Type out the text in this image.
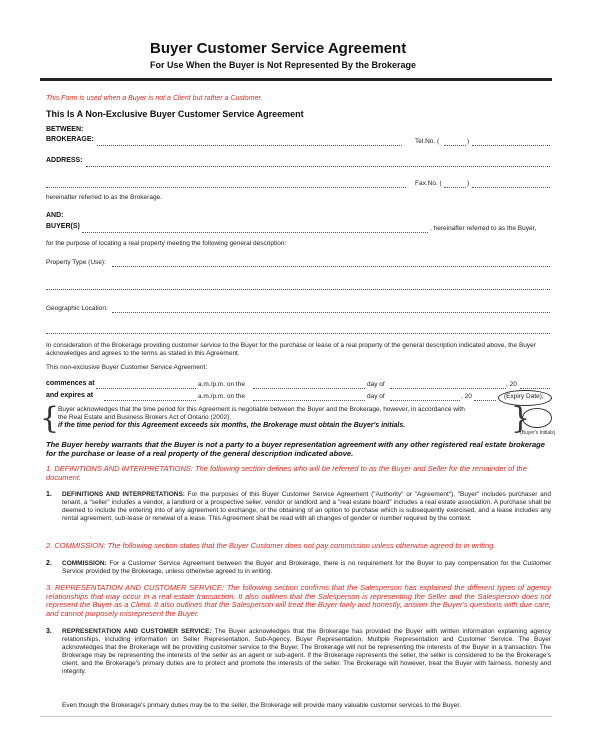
Buyer Customer Service Agreement
For Use When the Buyer is Not Represented By the Brokerage
This Form is used when a Buyer is not a Client but rather a Customer.
This Is A Non-Exclusive Buyer Customer Service Agreement
BETWEEN:
BROKERAGE:	Tel.No. (	)
ADDRESS:
Fax.No. (	)
hereinafter referred to as the Brokerage.
AND:
BUYER(S)	, hereinafter referred to as the Buyer,
for the purpose of locating a real property meeting the following general description:
Property Type (Use):
Geographic Location:
In consideration of the Brokerage providing customer service to the Buyer for the purchase or lease of a real property of the general description indicated above, the Buyer acknowledges and agrees to the terms as stated in this Agreement.
This non-exclusive Buyer Customer Service Agreement:
commences at	a.m./p.m. on the	day of	, 20
and expires at	a.m./p.m. on the	day of	, 20	(Expiry Date),
{
Buyer acknowledges that the time period for this Agreement is negotiable between the Buyer and the Brokerage, however, in accordance with
the Real Estate and Business Brokers Act of Ontario (2002),
if the time period for this Agreement exceeds six months, the Brokerage must obtain the Buyer's initials.	}
(Buyer's Initials)
The Buyer hereby warrants that the Buyer is not a party to a buyer representation agreement with any other registered real estate brokerage for the purchase or lease of a real property of the general description indicated above.
1. DEFINITIONS AND INTERPRETATIONS: The following section defines who will be referred to as the Buyer and Seller for the remainder of the document.
1. DEFINITIONS AND INTERPRETATIONS: For the purposes of this Buyer Customer Service Agreement ("Authority" or "Agreement"), "Buyer" includes purchaser and tenant, a "seller" includes a vendor, a landlord or a prospective seller, vendor or landlord and a "real estate board" includes a real estate association. A purchase shall be deemed to include the entering into of any agreement to exchange, or the obtaining of an option to purchase which is subsequently exercised, and a lease includes any rental agreement, sub-lease or renewal of a lease. This Agreement shall be read with all changes of gender or number required by the context.
2. COMMISSION: The following section states that the Buyer Customer does not pay commission unless otherwise agreed to in writing.
2. COMMISSION: For a Customer Service Agreement between the Buyer and Brokerage, there is no requirement for the Buyer to pay compensation for the Customer Service provided by the Brokerage, unless otherwise agreed to in writing.
3. REPRESENTATION AND CUSTOMER SERVICE: The following section confirms that the Salesperson has explained the different types of agency relationships that may occur in a real estate transaction. It also outlines that the Salesperson is representing the Seller and the Salesperson does not represent the Buyer as a Client. It also outlines that the Salesperson will treat the Buyer fairly and honestly, answer the Buyer's questions with due care, and cannot purposely misrepresent the Buyer.
3. REPRESENTATION AND CUSTOMER SERVICE: The Buyer acknowledges that the Brokerage has provided the Buyer with written information explaining agency relationships, including information on Seller Representation, Sub-Agency, Buyer Representation, Multiple Representation and Customer Service. The Buyer acknowledges that the Brokerage will be providing customer service to the Buyer. The Brokerage will not be representing the interests of the Buyer in a transaction. The Brokerage may be representing the interests of the seller as an agent or sub-agent. If the Brokerage represents the seller, the seller is considered to be the Brokerage's client, and the Brokerage's primary duties are to protect and promote the interests of the seller. The Brokerage will however, treat the Buyer with fairness, honesty and integrity.
Even though the Brokerage's primary duties may be to the seller, the Brokerage will provide many valuable customer services to the Buyer.
